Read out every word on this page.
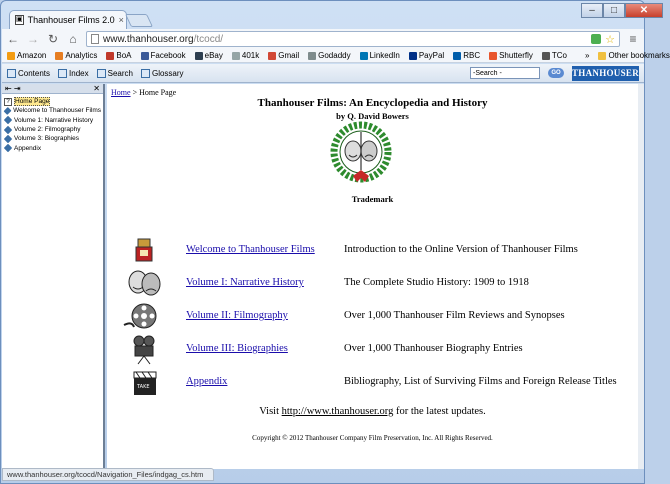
▣ Thanhouser Films 2.0 ×
–	□	✕
← → ↻ ⌂	www.thanhouser.org/tcocd/	☆ ≡
Amazon Analytics BoA Facebook eBay 401k Gmail Godaddy LinkedIn PayPal RBC Shutterfly TCo » Other bookmarks
Contents Index Search Glossary
-Search -	GO	THANHOUSER
⇤ ⇥	✕
? Home Page
Welcome to Thanhouser Films
Volume 1: Narrative History
Volume 2: Filmography
Volume 3: Biographies
Appendix
Home > Home Page
Thanhouser Films: An Encyclopedia and History
by Q. David Bowers
Trademark
Welcome to Thanhouser Films	Introduction to the Online Version of Thanhouser Films
Volume I: Narrative History	The Complete Studio History: 1909 to 1918
Volume II: Filmography	Over 1,000 Thanhouser Film Reviews and Synopses
Volume III: Biographies	Over 1,000 Thanhouser Biography Entries
TAKE	Appendix	Bibliography, List of Surviving Films and Foreign Release Titles
Visit http://www.thanhouser.org for the latest updates.
Copyright © 2012 Thanhouser Company Film Preservation, Inc. All Rights Reserved.
www.thanhouser.org/tcocd/Navigation_Files/indgag_cs.htm
